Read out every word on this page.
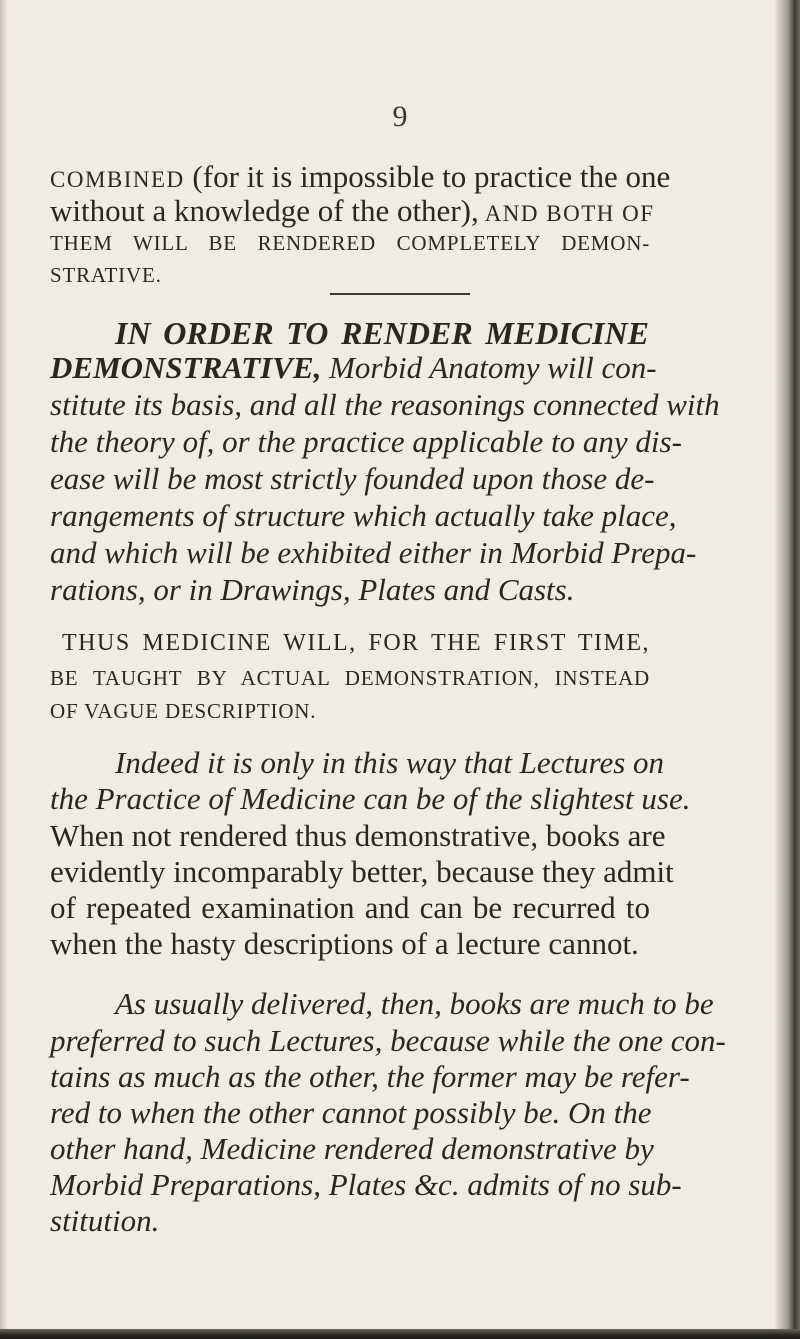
9

COMBINED (for it is impossible to practice the one

without a knowledge of the other), AND BOTH OF

THEM WILL BE RENDERED COMPLETELY DEMON-

STRATIVE.

IN ORDER TO RENDER MEDICINE

DEMONSTRATIVE, Morbid Anatomy will con-

stitute its basis, and all the reasonings connected with

the theory of, or the practice applicable to any dis-

ease will be most strictly founded upon those de-

rangements of structure which actually take place,

and which will be exhibited either in Morbid Prepa-

rations, or in Drawings, Plates and Casts.

THUS MEDICINE WILL, FOR THE FIRST TIME,

BE TAUGHT BY ACTUAL DEMONSTRATION, INSTEAD

OF VAGUE DESCRIPTION.

Indeed it is only in this way that Lectures on

the Practice of Medicine can be of the slightest use.

When not rendered thus demonstrative, books are

evidently incomparably better, because they admit

of repeated examination and can be recurred to

when the hasty descriptions of a lecture cannot.

As usually delivered, then, books are much to be

preferred to such Lectures, because while the one con-

tains as much as the other, the former may be refer-

red to when the other cannot possibly be. On the

other hand, Medicine rendered demonstrative by

Morbid Preparations, Plates &c. admits of no sub-

stitution.
